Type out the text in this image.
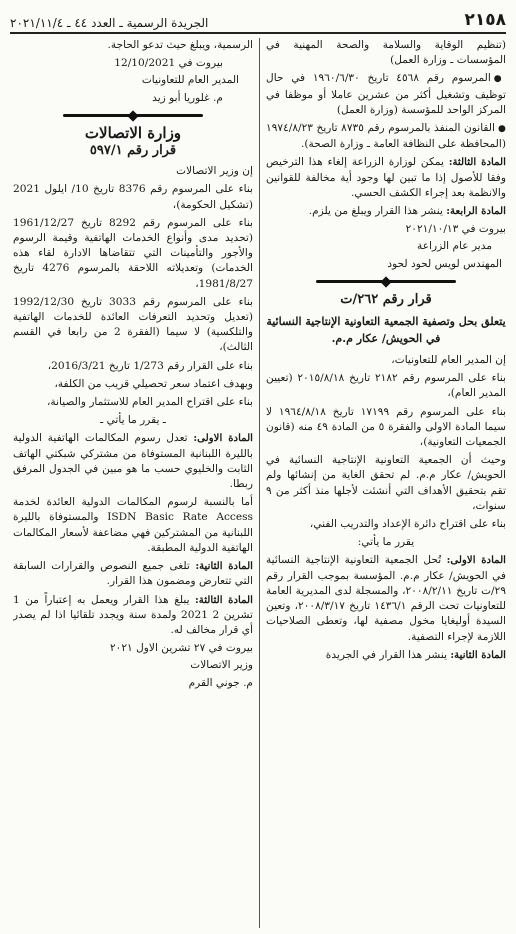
٢١٥٨
الجريدة الرسمية ـ العدد ٤٤ ـ ٢٠٢١/١١/٤

(تنظيم الوقاية والسلامة والصحة المهنية في المؤسسات ـ وزارة العمل)

●المرسوم رقم ٤٥٦٨ تاريخ ١٩٦٠/٦/٣٠ في حال توظيف وتشغيل أكثر من عشرين عاملا أو موظفا في المركز الواحد للمؤسسة (وزارة العمل)

●القانون المنفذ بالمرسوم رقم ٨٧٣٥ تاريخ ١٩٧٤/٨/٢٣ (المحافظة على النظافة العامة ـ وزارة الصحة).

المادة الثالثة: يمكن لوزارة الزراعة إلغاء هذا الترخيص وفقا للأصول إذا ما تبين لها وجود أية مخالفة للقوانين والانظمة بعد إجراء الكشف الحسي.

المادة الرابعة: ينشر هذا القرار ويبلغ من يلزم.

بيروت في ٢٠٢١/١٠/١٣

مدير عام الزراعة

المهندس لويس لحود لحود

قرار رقم ٢٦٢/ت
يتعلق بحل وتصفية الجمعية التعاونية الإنتاجية النسائية في الحويش/ عكار م.م.

إن المدير العام للتعاونيات،

بناء على المرسوم رقم ٢١٨٢ تاريخ ٢٠١٥/٨/١٨ (تعيين المدير العام)،

بناء على المرسوم رقم ١٧١٩٩ تاريخ ١٩٦٤/٨/١٨ لا سيما المادة الاولى والفقرة ٥ من المادة ٤٩ منه (قانون الجمعيات التعاونية)،

وحيث أن الجمعية التعاونية الإنتاجية النسائية في الحويش/ عكار م.م. لم تحقق الغاية من إنشائها ولم تقم بتحقيق الأهداف التي أنشئت لأجلها منذ أكثر من ٩ سنوات،

بناء على اقتراح دائرة الإعداد والتدريب الفني،

يقرر ما يأتي:

المادة الاولى: تُحل الجمعية التعاونية الإنتاجية النسائية في الحويش/ عكار م.م. المؤسسة بموجب القرار رقم ٢٩/ت تاريخ ٢٠٠٨/٢/١١، والمسجلة لدى المديرية العامة للتعاونيات تحت الرقم ١٤٣٦/١ تاريخ ٢٠٠٨/٣/١٧، وتعين السيدة أوليغايا مخول مصفية لها، وتعطى الصلاحيات اللازمة لإجراء التصفية.

المادة الثانية: ينشر هذا القرار في الجريدة

الرسمية، ويبلغ حيث تدعو الحاجة.

بيروت في 12/10/2021

المدير العام للتعاونيات

م. غلوريا أبو زيد

وزارة الاتصالات
قرار رقم ٥٩٧/١

إن وزير الاتصالات

بناء على المرسوم رقم 8376 تاريخ 10/ ايلول 2021 (تشكيل الحكومة)،

بناء على المرسوم رقم 8292 تاريخ 1961/12/27 (تحديد مدى وأنواع الخدمات الهاتفية وقيمة الرسوم والأجور والتأمينات التي تتقاضاها الادارة لقاء هذه الخدمات) وتعديلاته اللاحقة بالمرسوم 4276 تاريخ 1981/8/27،

بناء على المرسوم رقم 3033 تاريخ 1992/12/30 (تعديل وتحديد التعرفات العائدة للخدمات الهاتفية والتلكسية) لا سيما (الفقرة 2 من رابعا في القسم الثالث)،

بناء على القرار رقم 1/273 تاريخ 2016/3/21،

وبهدف اعتماد سعر تحصيلي قريب من الكلفة،

بناء على اقتراح المدير العام للاستثمار والصيانة،

ـ يقرر ما يأتي ـ

المادة الاولى: تعدل رسوم المكالمات الهاتفية الدولية بالليرة اللبنانية المستوفاة من مشتركي شبكتي الهاتف الثابت والخليوي حسب ما هو مبين في الجدول المرفق ربطا.

أما بالنسبة لرسوم المكالمات الدولية العائدة لخدمة ISDN Basic Rate Access والمستوفاة بالليرة اللبنانية من المشتركين فهي مضاعفة لأسعار المكالمات الهاتفية الدولية المطبقة.

المادة الثانية: تلغى جميع النصوص والقرارات السابقة التي تتعارض ومضمون هذا القرار.

المادة الثالثة: يبلغ هذا القرار ويعمل به إعتباراً من 1 تشرين 2 2021 ولمدة سنة ويجدد تلقائيا اذا لم يصدر أي قرار مخالف له.

بيروت في ٢٧ تشرين الاول ٢٠٢١

وزير الاتصالات

م. جوني القرم
